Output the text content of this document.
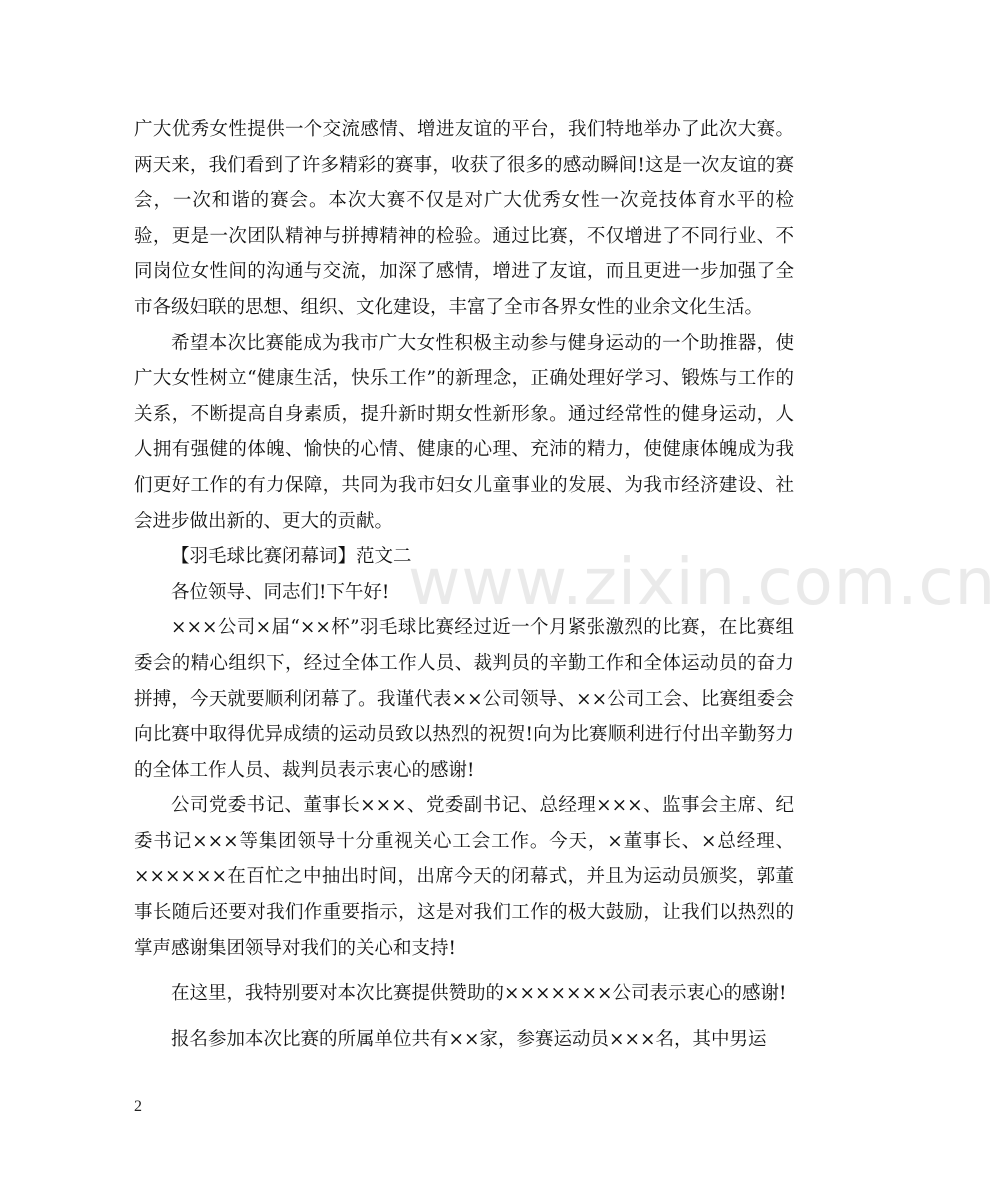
广大优秀女性提供一个交流感情、增进友谊的平台，我们特地举办了此次大赛。两天来，我们看到了许多精彩的赛事，收获了很多的感动瞬间!这是一次友谊的赛会，一次和谐的赛会。本次大赛不仅是对广大优秀女性一次竞技体育水平的检验，更是一次团队精神与拼搏精神的检验。通过比赛，不仅增进了不同行业、不同岗位女性间的沟通与交流，加深了感情，增进了友谊，而且更进一步加强了全市各级妇联的思想、组织、文化建设，丰富了全市各界女性的业余文化生活。

希望本次比赛能成为我市广大女性积极主动参与健身运动的一个助推器，使广大女性树立“健康生活，快乐工作”的新理念，正确处理好学习、锻炼与工作的关系，不断提高自身素质，提升新时期女性新形象。通过经常性的健身运动，人人拥有强健的体魄、愉快的心情、健康的心理、充沛的精力，使健康体魄成为我们更好工作的有力保障，共同为我市妇女儿童事业的发展、为我市经济建设、社会进步做出新的、更大的贡献。

【羽毛球比赛闭幕词】范文二

各位领导、同志们!下午好!

×××公司×届“××杯”羽毛球比赛经过近一个月紧张激烈的比赛，在比赛组委会的精心组织下，经过全体工作人员、裁判员的辛勤工作和全体运动员的奋力拼搏，今天就要顺利闭幕了。我谨代表××公司领导、××公司工会、比赛组委会向比赛中取得优异成绩的运动员致以热烈的祝贺!向为比赛顺利进行付出辛勤努力的全体工作人员、裁判员表示衷心的感谢!

公司党委书记、董事长×××、党委副书记、总经理×××、监事会主席、纪委书记×××等集团领导十分重视关心工会工作。今天，×董事长、×总经理、××××××在百忙之中抽出时间，出席今天的闭幕式，并且为运动员颁奖，郭董事长随后还要对我们作重要指示，这是对我们工作的极大鼓励，让我们以热烈的掌声感谢集团领导对我们的关心和支持!

在这里，我特别要对本次比赛提供赞助的×××××××公司表示衷心的感谢!

报名参加本次比赛的所属单位共有××家，参赛运动员×××名，其中男运

www.zixin.com.cn
2
